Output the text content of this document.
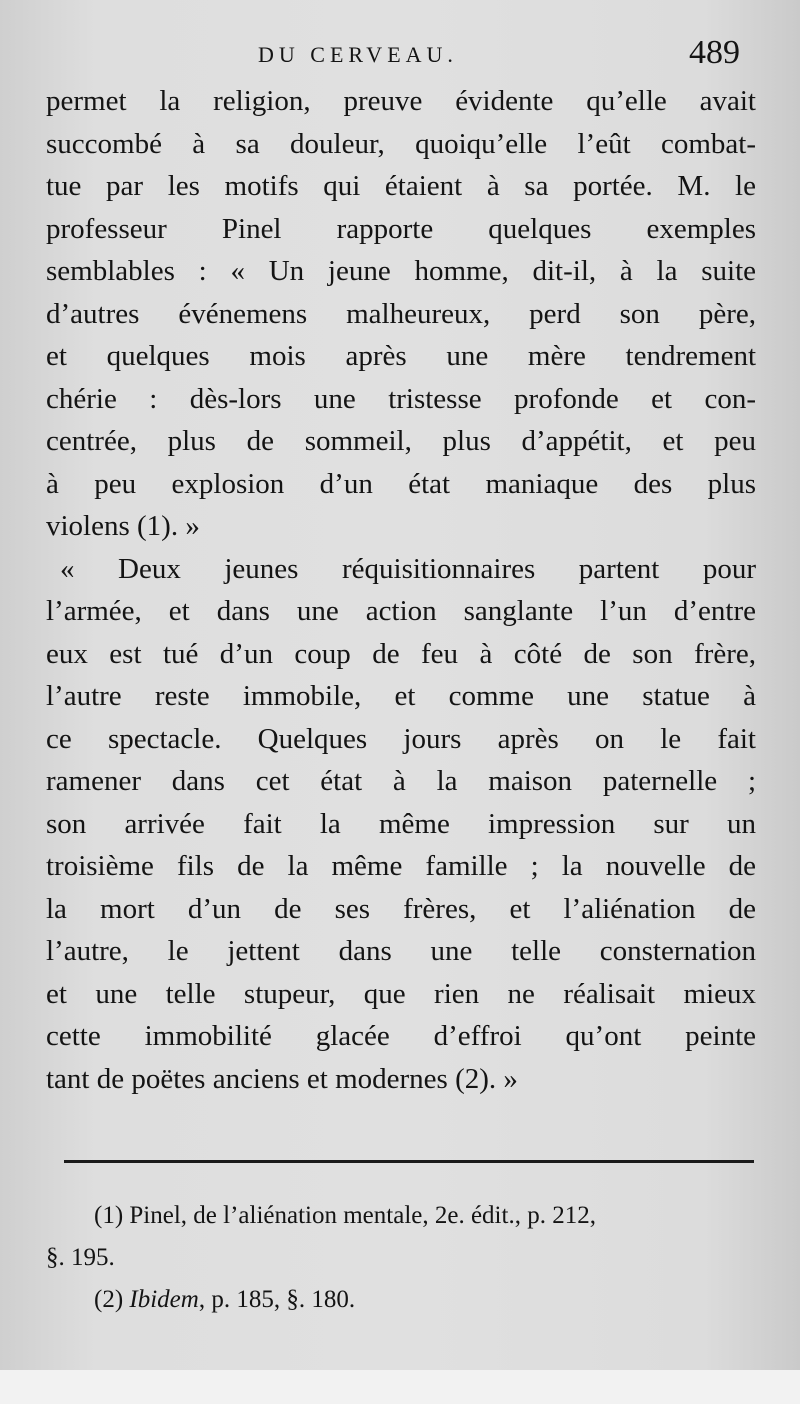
DU CERVEAU.	489
permet la religion, preuve évidente qu’elle avait
succombé à sa douleur, quoiqu’elle l’eût combat-
tue par les motifs qui étaient à sa portée. M. le
professeur Pinel rapporte quelques exemples
semblables : « Un jeune homme, dit-il, à la suite
d’autres événemens malheureux, perd son père,
et quelques mois après une mère tendrement
chérie : dès-lors une tristesse profonde et con-
centrée, plus de sommeil, plus d’appétit, et peu
à peu explosion d’un état maniaque des plus
violens (1). »
« Deux jeunes réquisitionnaires partent pour
l’armée, et dans une action sanglante l’un d’entre
eux est tué d’un coup de feu à côté de son frère,
l’autre reste immobile, et comme une statue à
ce spectacle. Quelques jours après on le fait
ramener dans cet état à la maison paternelle ;
son arrivée fait la même impression sur un
troisième fils de la même famille ; la nouvelle de
la mort d’un de ses frères, et l’aliénation de
l’autre, le jettent dans une telle consternation
et une telle stupeur, que rien ne réalisait mieux
cette immobilité glacée d’effroi qu’ont peinte
tant de poëtes anciens et modernes (2). »
(1) Pinel, de l’aliénation mentale, 2e. édit., p. 212,
§. 195.
(2) Ibidem, p. 185, §. 180.
